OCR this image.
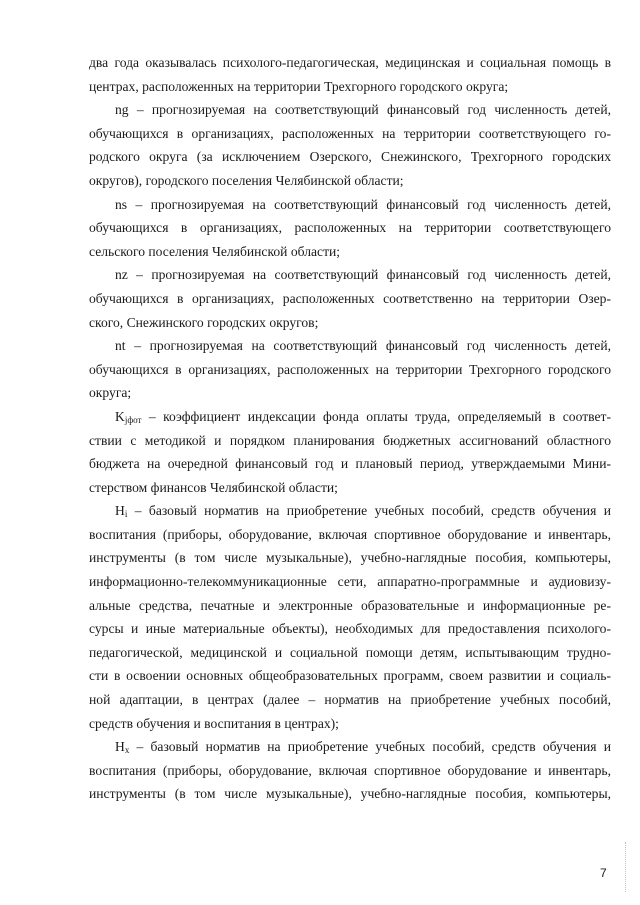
два года оказывалась психолого-педагогическая, медицинская и социальная помощь в
центрах, расположенных на территории Трехгорного городского округа;
ng – прогнозируемая на соответствующий финансовый год численность детей,
обучающихся в организациях, расположенных на территории соответствующего го-
родского округа (за исключением Озерского, Снежинского, Трехгорного городских
округов), городского поселения Челябинской области;
ns – прогнозируемая на соответствующий финансовый год численность детей,
обучающихся в организациях, расположенных на территории соответствующего
сельского поселения Челябинской области;
nz – прогнозируемая на соответствующий финансовый год численность детей,
обучающихся в организациях, расположенных соответственно на территории Озер-
ского, Снежинского городских округов;
nt – прогнозируемая на соответствующий финансовый год численность детей,
обучающихся в организациях, расположенных на территории Трехгорного городского
округа;
$K_{jфот}$ – коэффициент индексации фонда оплаты труда, определяемый в соответ-
ствии с методикой и порядком планирования бюджетных ассигнований областного
бюджета на очередной финансовый год и плановый период, утверждаемыми Мини-
стерством финансов Челябинской области;
$H_i$ – базовый норматив на приобретение учебных пособий, средств обучения и
воспитания (приборы, оборудование, включая спортивное оборудование и инвентарь,
инструменты (в том числе музыкальные), учебно-наглядные пособия, компьютеры,
информационно-телекоммуникационные сети, аппаратно-программные и аудиовизу-
альные средства, печатные и электронные образовательные и информационные ре-
сурсы и иные материальные объекты), необходимых для предоставления психолого-
педагогической, медицинской и социальной помощи детям, испытывающим трудно-
сти в освоении основных общеобразовательных программ, своем развитии и социаль-
ной адаптации, в центрах (далее – норматив на приобретение учебных пособий,
средств обучения и воспитания в центрах);
$H_x$ – базовый норматив на приобретение учебных пособий, средств обучения и
воспитания (приборы, оборудование, включая спортивное оборудование и инвентарь,
инструменты (в том числе музыкальные), учебно-наглядные пособия, компьютеры,
7
